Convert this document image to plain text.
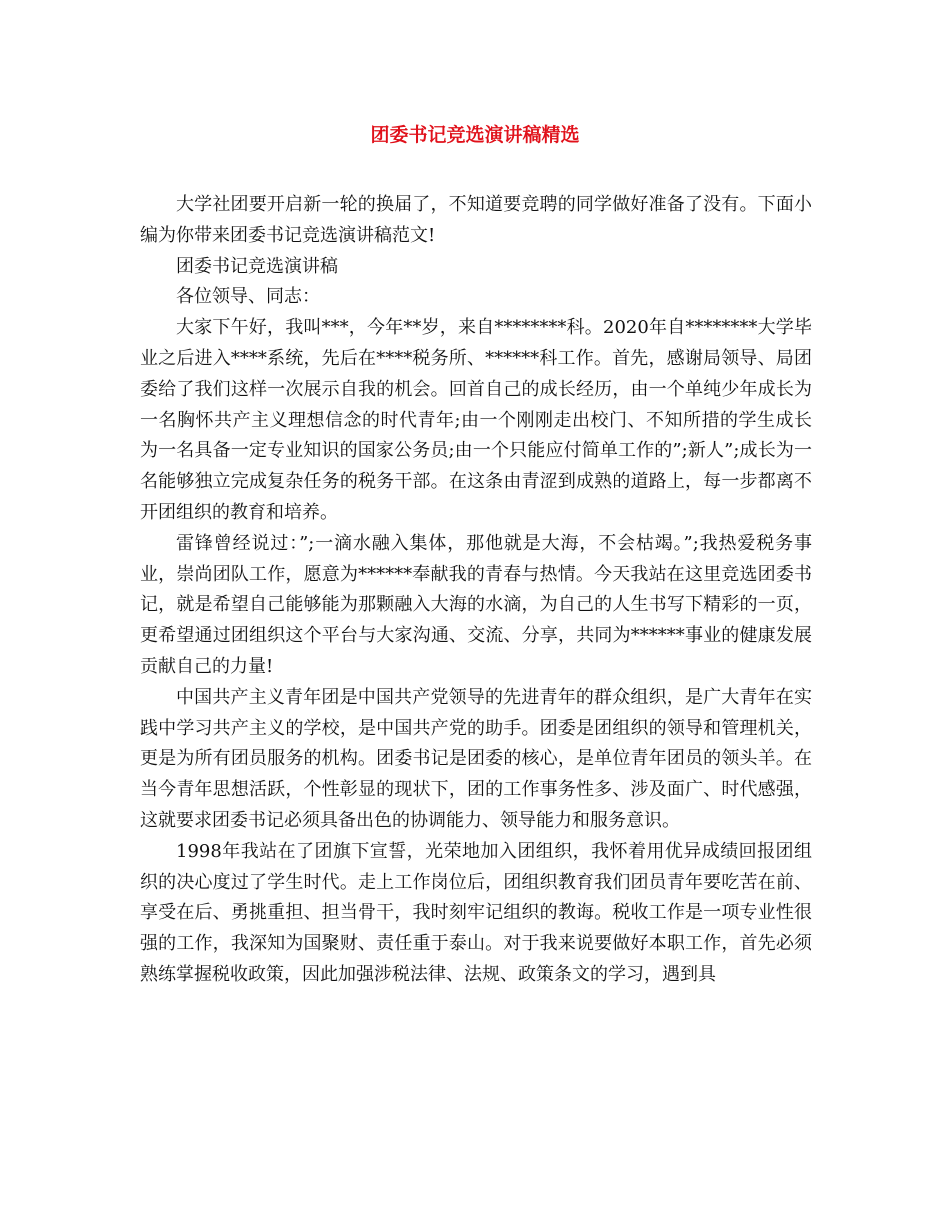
团委书记竞选演讲稿精选

大学社团要开启新一轮的换届了，不知道要竞聘的同学做好准备了没有。下面小编为你带来团委书记竞选演讲稿范文!

团委书记竞选演讲稿

各位领导、同志：

大家下午好，我叫***，今年**岁，来自********科。2020年自********大学毕业之后进入****系统，先后在****税务所、******科工作。首先，感谢局领导、局团委给了我们这样一次展示自我的机会。回首自己的成长经历，由一个单纯少年成长为一名胸怀共产主义理想信念的时代青年;由一个刚刚走出校门、不知所措的学生成长为一名具备一定专业知识的国家公务员;由一个只能应付简单工作的”;新人”;成长为一名能够独立完成复杂任务的税务干部。在这条由青涩到成熟的道路上，每一步都离不开团组织的教育和培养。

雷锋曾经说过：”;一滴水融入集体，那他就是大海，不会枯竭。”;我热爱税务事业，崇尚团队工作，愿意为******奉献我的青春与热情。今天我站在这里竞选团委书记，就是希望自己能够能为那颗融入大海的水滴，为自己的人生书写下精彩的一页，更希望通过团组织这个平台与大家沟通、交流、分享，共同为******事业的健康发展贡献自己的力量!

中国共产主义青年团是中国共产党领导的先进青年的群众组织，是广大青年在实践中学习共产主义的学校，是中国共产党的助手。团委是团组织的领导和管理机关，更是为所有团员服务的机构。团委书记是团委的核心，是单位青年团员的领头羊。在当今青年思想活跃，个性彰显的现状下，团的工作事务性多、涉及面广、时代感强，这就要求团委书记必须具备出色的协调能力、领导能力和服务意识。

1998年我站在了团旗下宣誓，光荣地加入团组织，我怀着用优异成绩回报团组织的决心度过了学生时代。走上工作岗位后，团组织教育我们团员青年要吃苦在前、享受在后、勇挑重担、担当骨干，我时刻牢记组织的教诲。税收工作是一项专业性很强的工作，我深知为国聚财、责任重于泰山。对于我来说要做好本职工作，首先必须熟练掌握税收政策，因此加强涉税法律、法规、政策条文的学习，遇到具
